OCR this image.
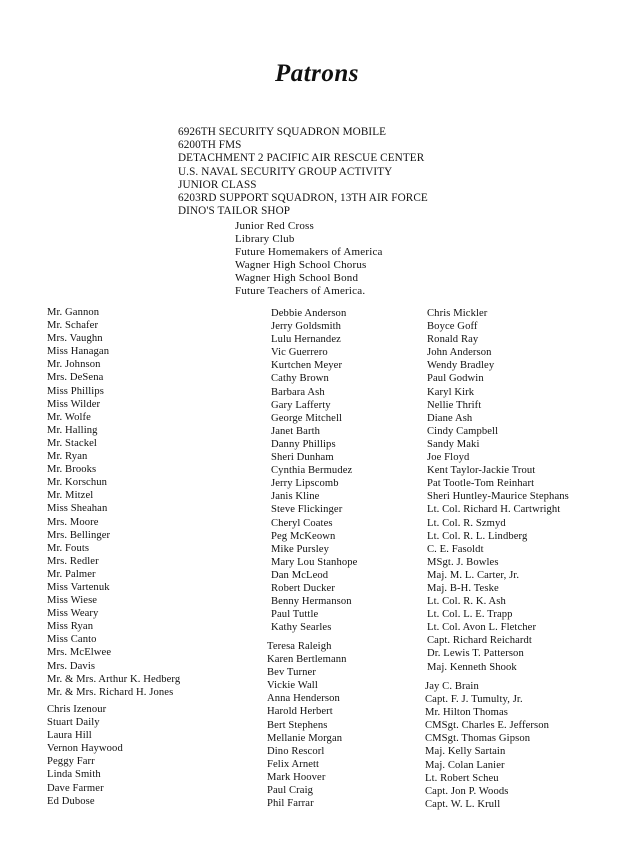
Patrons
6926TH SECURITY SQUADRON MOBILE
6200TH FMS
DETACHMENT 2 PACIFIC AIR RESCUE CENTER
U.S. NAVAL SECURITY GROUP ACTIVITY
JUNIOR CLASS
6203RD SUPPORT SQUADRON, 13TH AIR FORCE
DINO'S TAILOR SHOP
Junior Red Cross
Library Club
Future Homemakers of America
Wagner High School Chorus
Wagner High School Bond
Future Teachers of America.
Mr. Gannon
Mr. Schafer
Mrs. Vaughn
Miss Hanagan
Mr. Johnson
Mrs. DeSena
Miss Phillips
Miss Wilder
Mr. Wolfe
Mr. Halling
Mr. Stackel
Mr. Ryan
Mr. Brooks
Mr. Korschun
Mr. Mitzel
Miss Sheahan
Mrs. Moore
Mrs. Bellinger
Mr. Fouts
Mrs. Redler
Mr. Palmer
Miss Vartenuk
Miss Wiese
Miss Weary
Miss Ryan
Miss Canto
Mrs. McElwee
Mrs. Davis
Mr. & Mrs. Arthur K. Hedberg
Mr. & Mrs. Richard H. Jones
Chris Izenour
Stuart Daily
Laura Hill
Vernon Haywood
Peggy Farr
Linda Smith
Dave Farmer
Ed Dubose
Debbie Anderson
Jerry Goldsmith
Lulu Hernandez
Vic Guerrero
Kurtchen Meyer
Cathy Brown
Barbara Ash
Gary Lafferty
George Mitchell
Janet Barth
Danny Phillips
Sheri Dunham
Cynthia Bermudez
Jerry Lipscomb
Janis Kline
Steve Flickinger
Cheryl Coates
Peg McKeown
Mike Pursley
Mary Lou Stanhope
Dan McLeod
Robert Ducker
Benny Hermanson
Paul Tuttle
Kathy Searles
Teresa Raleigh
Karen Bertlemann
Bev Turner
Vickie Wall
Anna Henderson
Harold Herbert
Bert Stephens
Mellanie Morgan
Dino Rescorl
Felix Arnett
Mark Hoover
Paul Craig
Phil Farrar
Chris Mickler
Boyce Goff
Ronald Ray
John Anderson
Wendy Bradley
Paul Godwin
Karyl Kirk
Nellie Thrift
Diane Ash
Cindy Campbell
Sandy Maki
Joe Floyd
Kent Taylor-Jackie Trout
Pat Tootle-Tom Reinhart
Sheri Huntley-Maurice Stephans
Lt. Col. Richard H. Cartwright
Lt. Col. R. Szmyd
Lt. Col. R. L. Lindberg
C. E. Fasoldt
MSgt. J. Bowles
Maj. M. L. Carter, Jr.
Maj. B-H. Teske
Lt. Col. R. K. Ash
Lt. Col. L. E. Trapp
Lt. Col. Avon L. Fletcher
Capt. Richard Reichardt
Dr. Lewis T. Patterson
Maj. Kenneth Shook
Jay C. Brain
Capt. F. J. Tumulty, Jr.
Mr. Hilton Thomas
CMSgt. Charles E. Jefferson
CMSgt. Thomas Gipson
Maj. Kelly Sartain
Maj. Colan Lanier
Lt. Robert Scheu
Capt. Jon P. Woods
Capt. W. L. Krull
